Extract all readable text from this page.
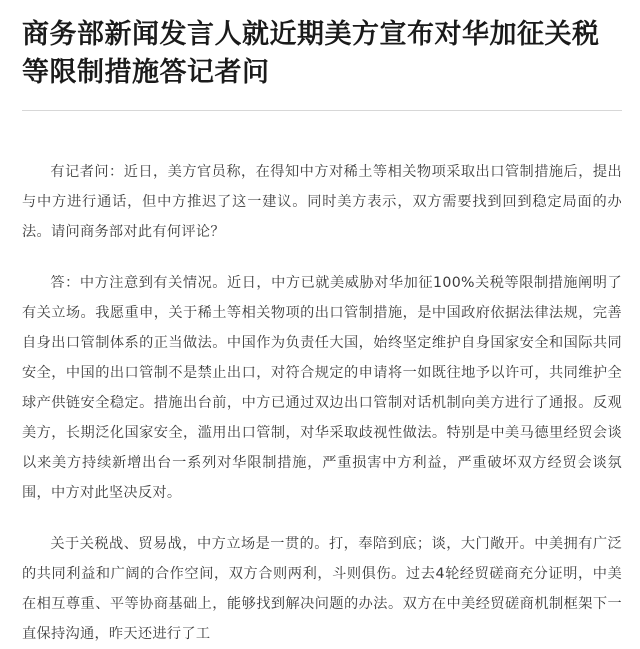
商务部新闻发言人就近期美方宣布对华加征关税等限制措施答记者问

有记者问：近日，美方官员称，在得知中方对稀土等相关物项采取出口管制措施后，提出与中方进行通话，但中方推迟了这一建议。同时美方表示，双方需要找到回到稳定局面的办法。请问商务部对此有何评论？

答：中方注意到有关情况。近日，中方已就美威胁对华加征100%关税等限制措施阐明了有关立场。我愿重申，关于稀土等相关物项的出口管制措施，是中国政府依据法律法规，完善自身出口管制体系的正当做法。中国作为负责任大国，始终坚定维护自身国家安全和国际共同安全，中国的出口管制不是禁止出口，对符合规定的申请将一如既往地予以许可，共同维护全球产供链安全稳定。措施出台前，中方已通过双边出口管制对话机制向美方进行了通报。反观美方，长期泛化国家安全，滥用出口管制，对华采取歧视性做法。特别是中美马德里经贸会谈以来美方持续新增出台一系列对华限制措施，严重损害中方利益，严重破坏双方经贸会谈氛围，中方对此坚决反对。

关于关税战、贸易战，中方立场是一贯的。打，奉陪到底；谈，大门敞开。中美拥有广泛的共同利益和广阔的合作空间，双方合则两利，斗则俱伤。过去4轮经贸磋商充分证明，中美在相互尊重、平等协商基础上，能够找到解决问题的办法。双方在中美经贸磋商机制框架下一直保持沟通，昨天还进行了工
